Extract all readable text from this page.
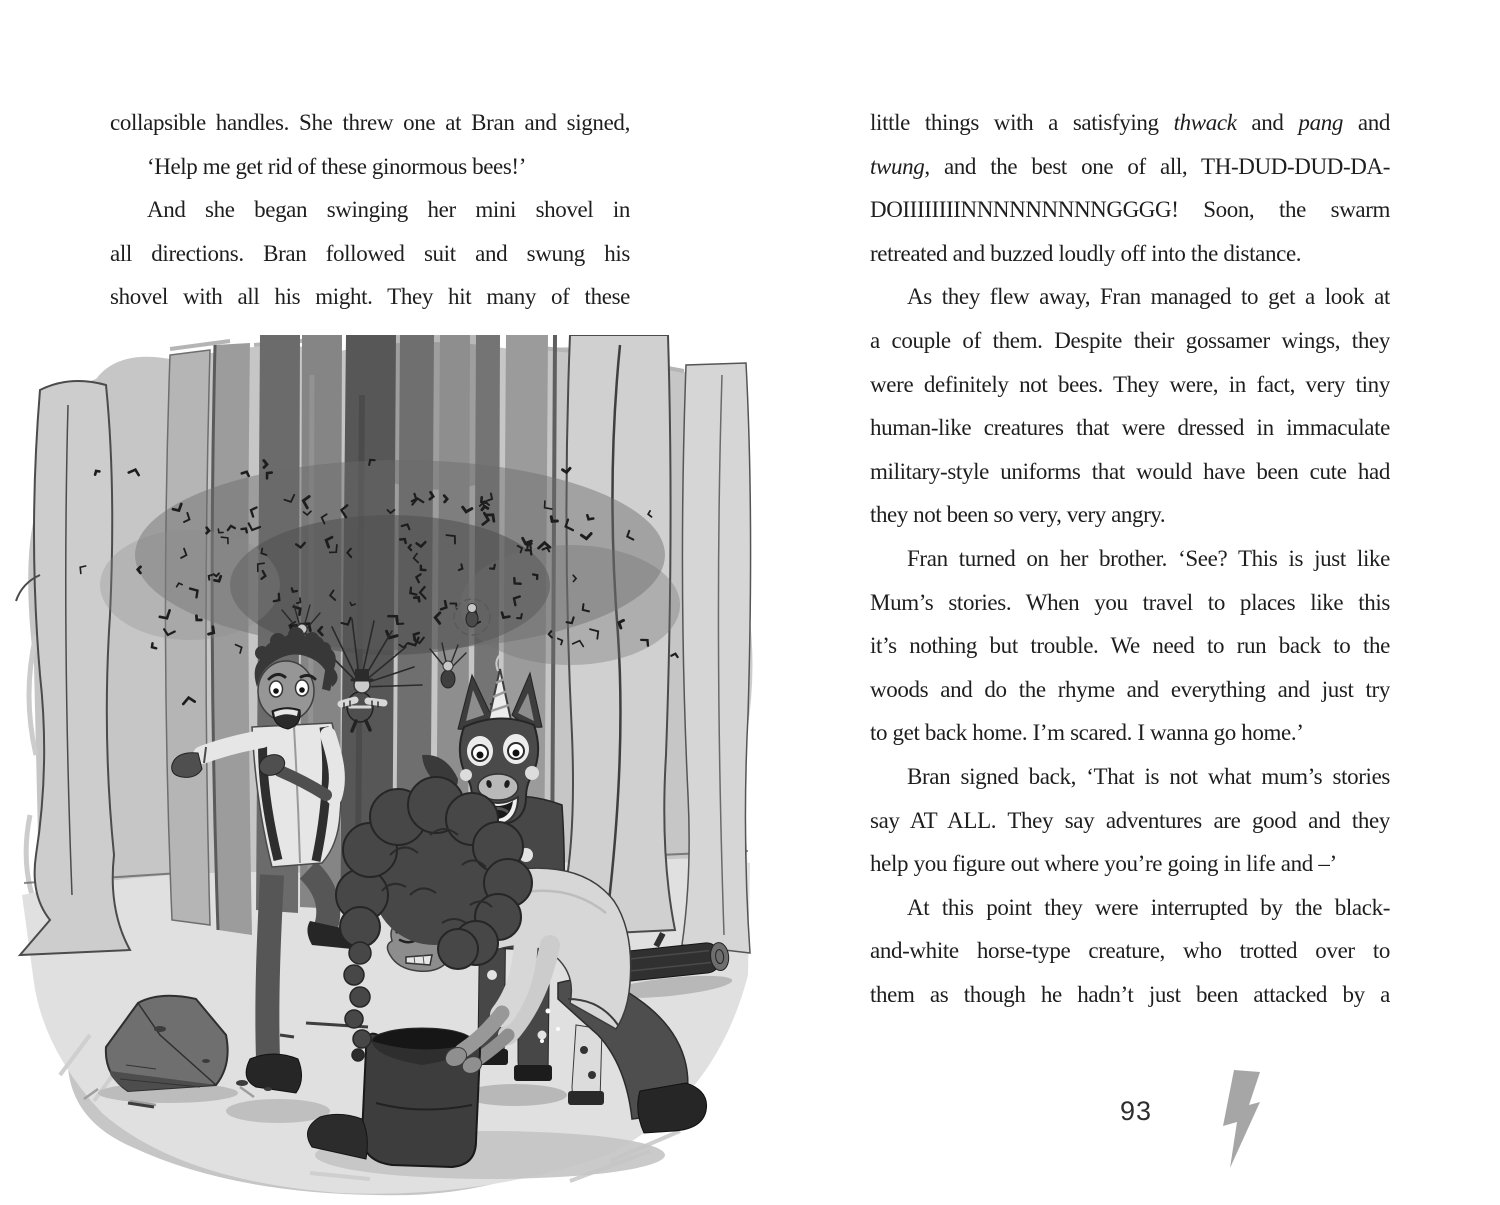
collapsible handles. She threw one at Bran and signed,
‘Help me get rid of these ginormous bees!’
And she began swinging her mini shovel in
all directions. Bran followed suit and swung his
shovel with all his might. They hit many of these
little things with a satisfying thwack and pang and
twung, and the best one of all, TH-DUD-DUD-DA-
DOIIIIIIIINNNNNNNNNGGGG! Soon, the swarm
retreated and buzzed loudly off into the distance.
As they flew away, Fran managed to get a look at
a couple of them. Despite their gossamer wings, they
were definitely not bees. They were, in fact, very tiny
human-like creatures that were dressed in immaculate
military-style uniforms that would have been cute had
they not been so very, very angry.
Fran turned on her brother. ‘See? This is just like
Mum’s stories. When you travel to places like this
it’s nothing but trouble. We need to run back to the
woods and do the rhyme and everything and just try
to get back home. I’m scared. I wanna go home.’
Bran signed back, ‘That is not what mum’s stories
say AT ALL. They say adventures are good and they
help you figure out where you’re going in life and –’
At this point they were interrupted by the black-
and-white horse-type creature, who trotted over to
them as though he hadn’t just been attacked by a
93
